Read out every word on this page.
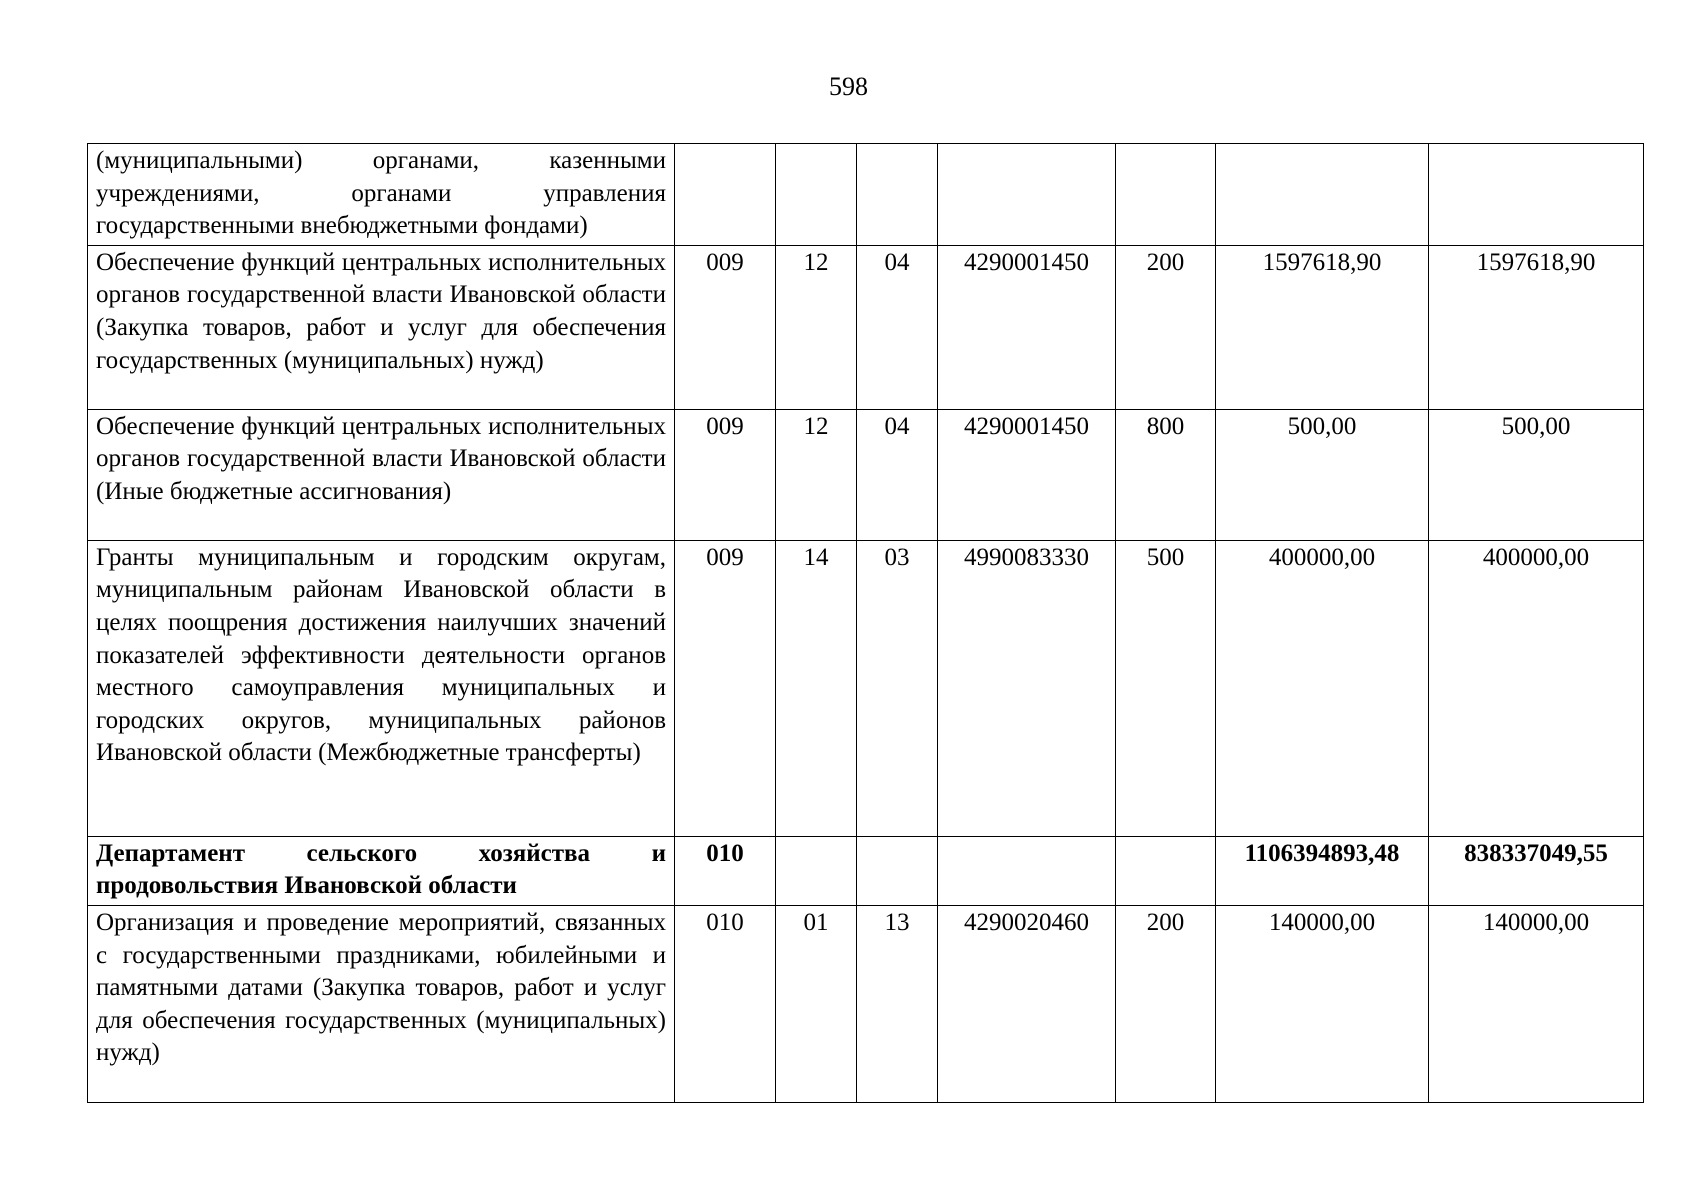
598
(муниципальными) органами, казенными учреждениями, органами управления государственными внебюджетными фондами)							
Обеспечение функций центральных исполнительных органов государственной власти Ивановской области (Закупка товаров, работ и услуг для обеспечения государственных (муниципальных) нужд)	009	12	04	4290001450	200	1597618,90	1597618,90
Обеспечение функций центральных исполнительных органов государственной власти Ивановской области (Иные бюджетные ассигнования)	009	12	04	4290001450	800	500,00	500,00
Гранты муниципальным и городским округам, муниципальным районам Ивановской области в целях поощрения достижения наилучших значений показателей эффективности деятельности органов местного самоуправления муниципальных и городских округов, муниципальных районов Ивановской области (Межбюджетные трансферты)	009	14	03	4990083330	500	400000,00	400000,00
Департамент сельского хозяйства и продовольствия Ивановской области	010					1106394893,48	838337049,55
Организация и проведение мероприятий, связанных с государственными праздниками, юбилейными и памятными датами (Закупка товаров, работ и услуг для обеспечения государственных (муниципальных) нужд)	010	01	13	4290020460	200	140000,00	140000,00
